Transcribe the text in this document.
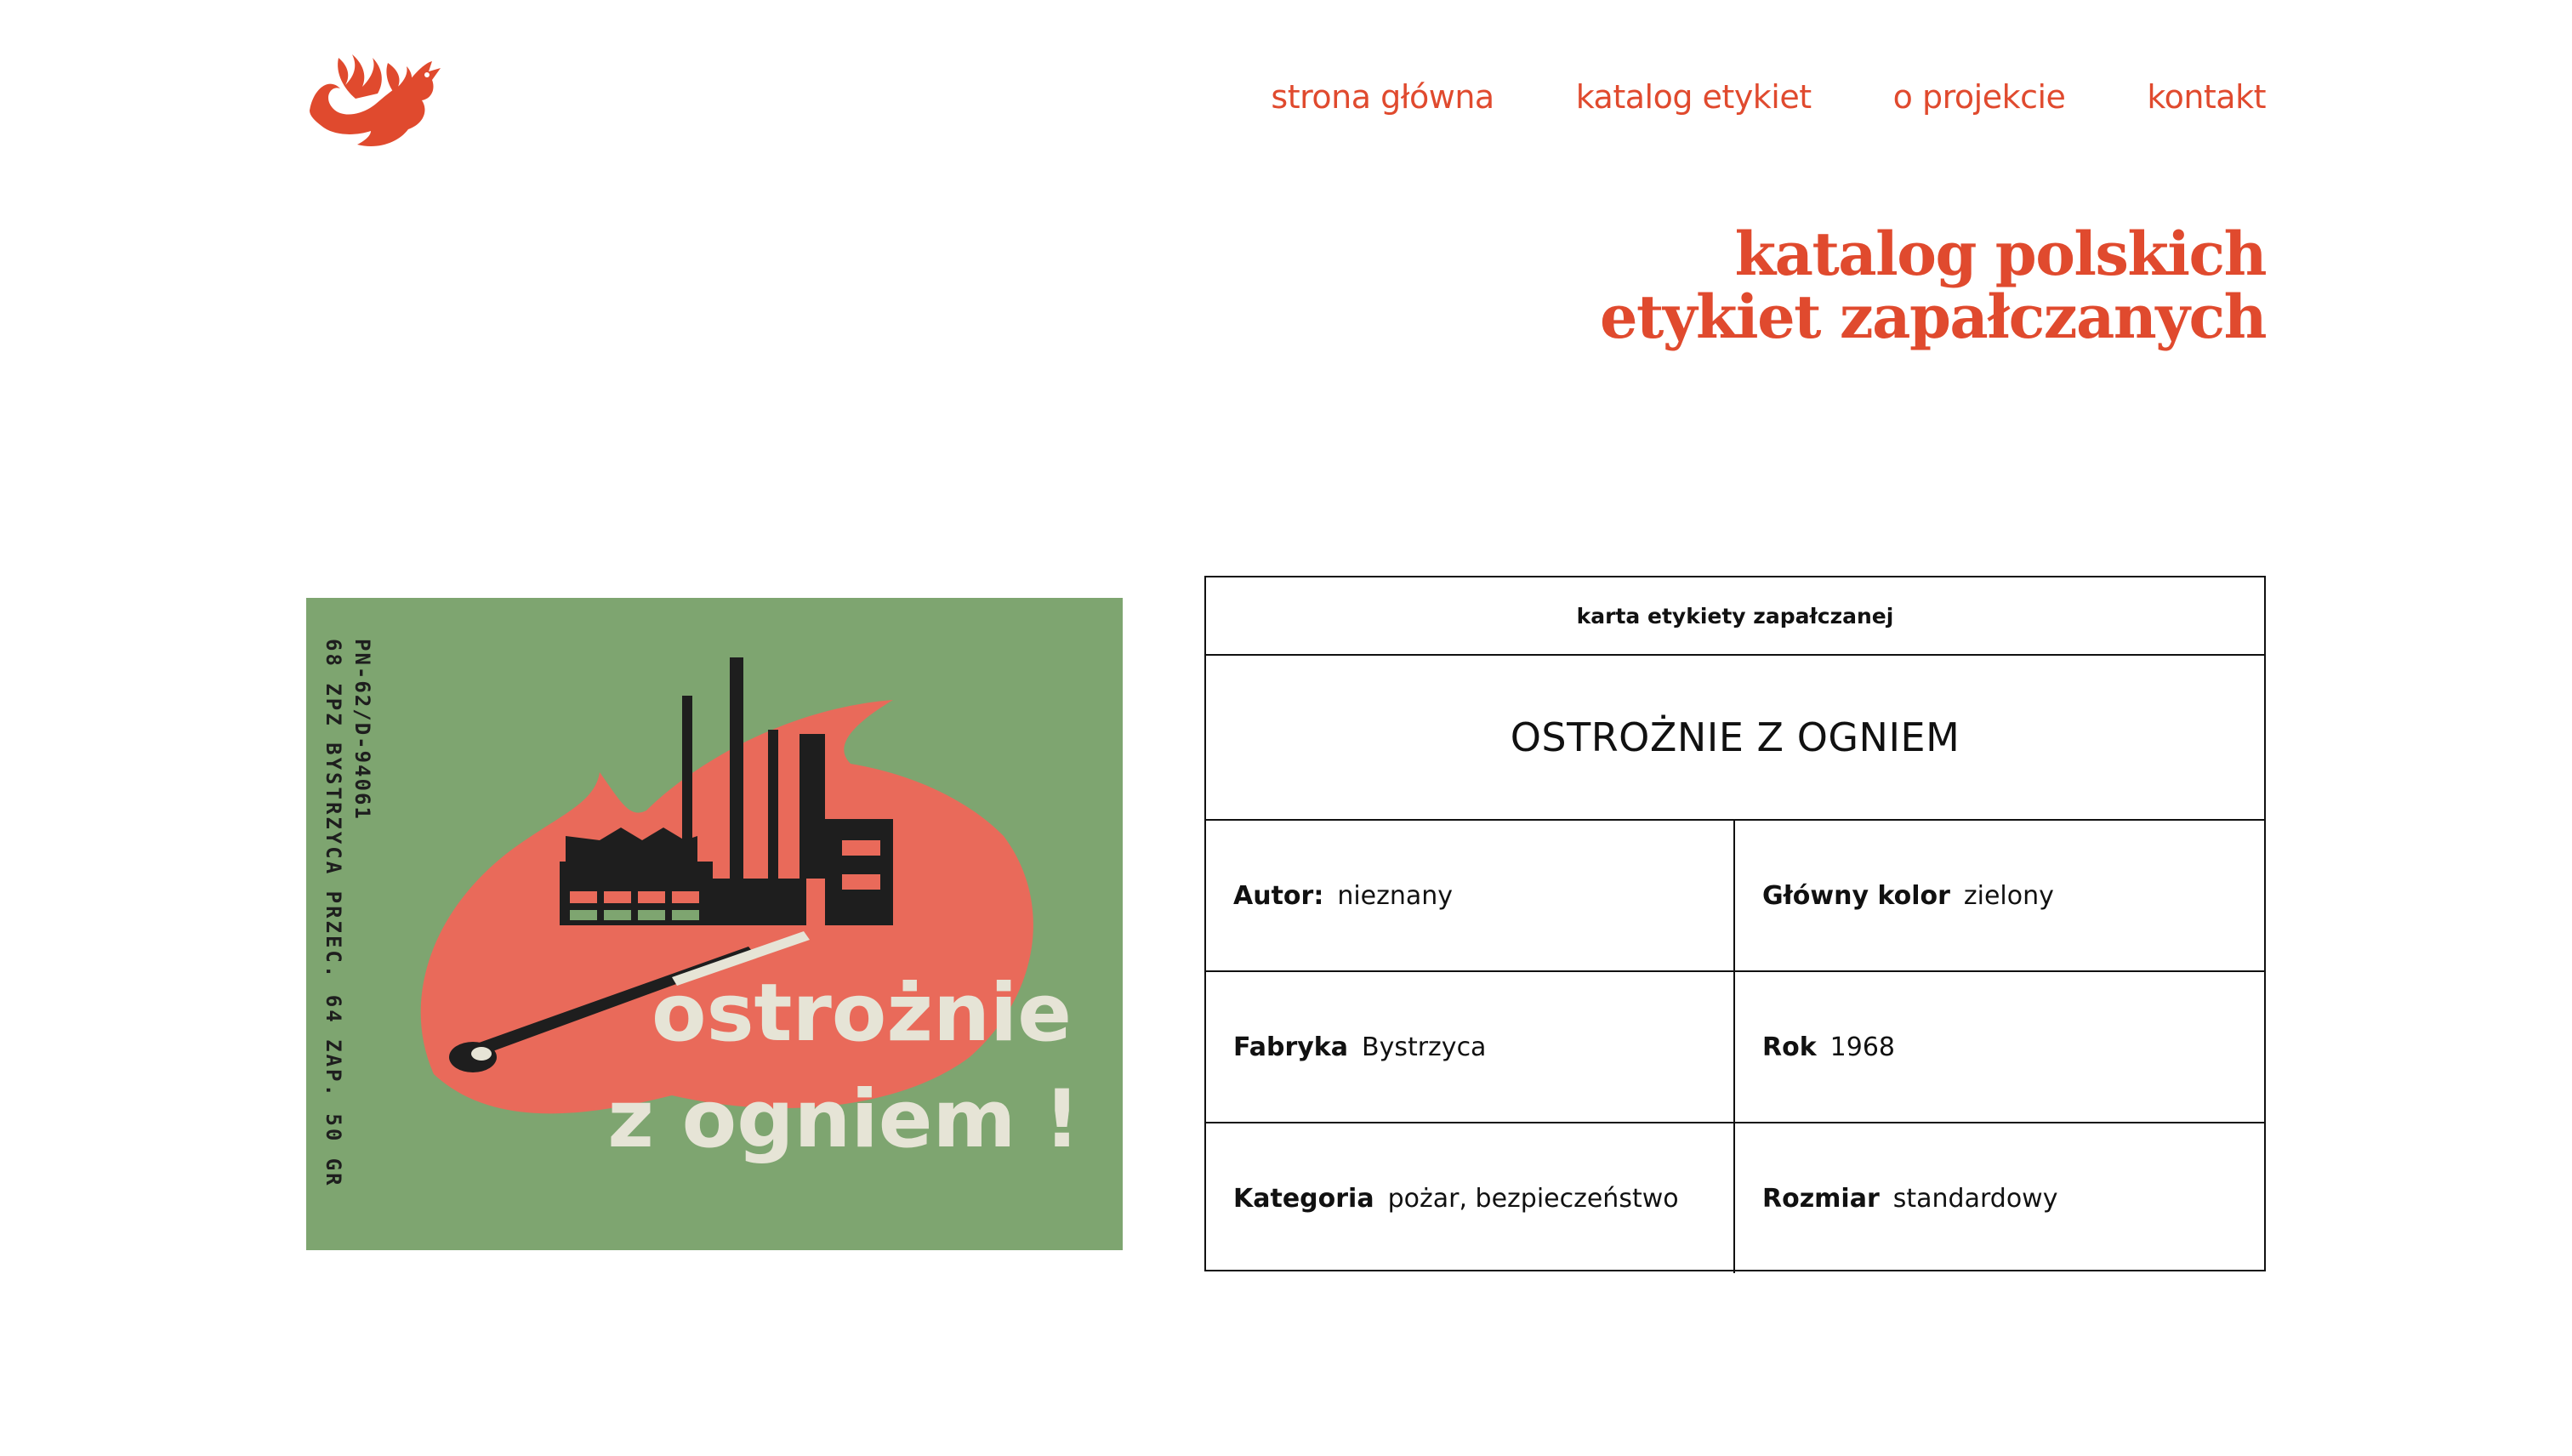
strona główna	katalog etykiet	o projekcie	kontakt
katalog polskich
etykiet zapałczanych
PN-62/D-94061
68 ZPZ BYSTRZYCA PRZEC. 64 ZAP. 50 GR	ostrożnie
z ogniem !
karta etykiety zapałczanej
OSTROŻNIE Z OGNIEM
Autor: nieznany	Główny kolor zielony
Fabryka Bystrzyca	Rok 1968
Kategoria pożar, bezpieczeństwo	Rozmiar standardowy
